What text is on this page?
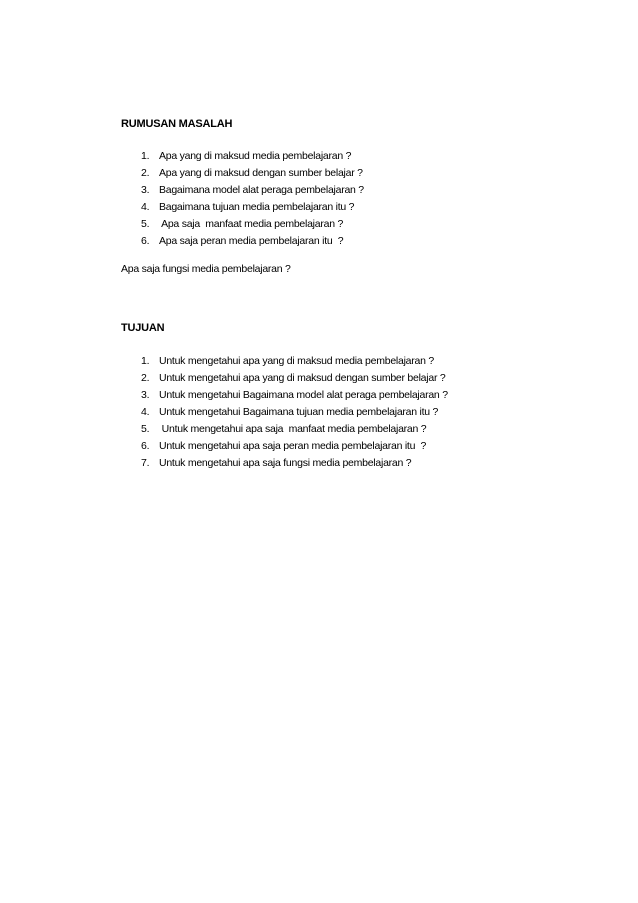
RUMUSAN MASALAH

1. Apa yang di maksud media pembelajaran ?
2. Apa yang di maksud dengan sumber belajar ?
3. Bagaimana model alat peraga pembelajaran ?
4. Bagaimana tujuan media pembelajaran itu ?
5. Apa saja  manfaat media pembelajaran ?
6. Apa saja peran media pembelajaran itu  ?

Apa saja fungsi media pembelajaran ?

TUJUAN

1. Untuk mengetahui apa yang di maksud media pembelajaran ?
2. Untuk mengetahui apa yang di maksud dengan sumber belajar ?
3. Untuk mengetahui Bagaimana model alat peraga pembelajaran ?
4. Untuk mengetahui Bagaimana tujuan media pembelajaran itu ?
5. Untuk mengetahui apa saja  manfaat media pembelajaran ?
6. Untuk mengetahui apa saja peran media pembelajaran itu  ?
7. Untuk mengetahui apa saja fungsi media pembelajaran ?
